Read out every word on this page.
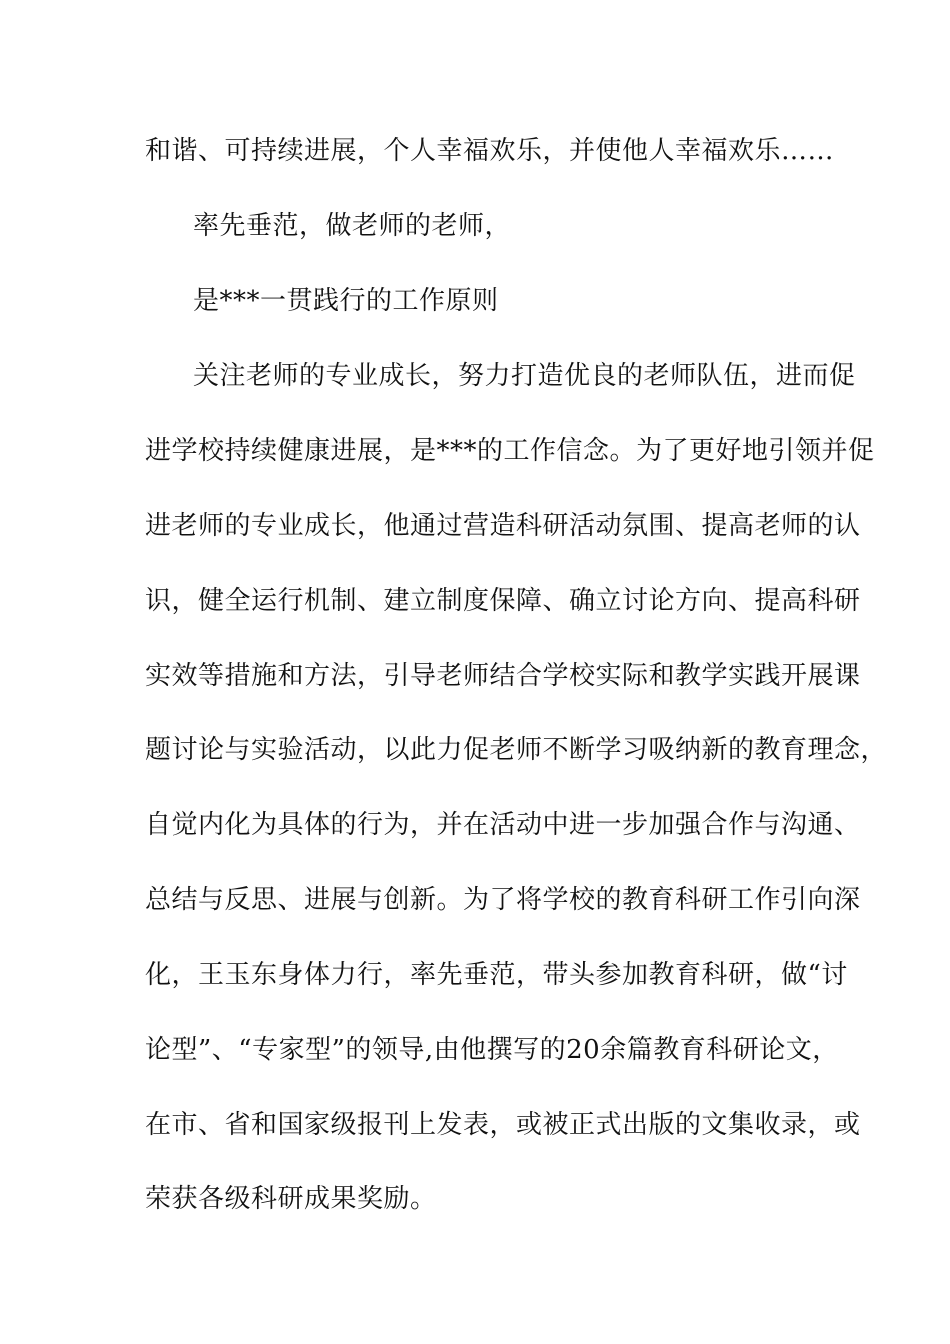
和谐、可持续进展，个人幸福欢乐，并使他人幸福欢乐……
率先垂范，做老师的老师，
是***一贯践行的工作原则
关注老师的专业成长，努力打造优良的老师队伍，进而促
进学校持续健康进展，是***的工作信念。为了更好地引领并促
进老师的专业成长，他通过营造科研活动氛围、提高老师的认
识，健全运行机制、建立制度保障、确立讨论方向、提高科研
实效等措施和方法，引导老师结合学校实际和教学实践开展课
题讨论与实验活动，以此力促老师不断学习吸纳新的教育理念，
自觉内化为具体的行为，并在活动中进一步加强合作与沟通、
总结与反思、进展与创新。为了将学校的教育科研工作引向深
化，王玉东身体力行，率先垂范，带头参加教育科研，做“讨
论型”、“专家型”的领导,由他撰写的20余篇教育科研论文，
在市、省和国家级报刊上发表，或被正式出版的文集收录，或
荣获各级科研成果奖励。
